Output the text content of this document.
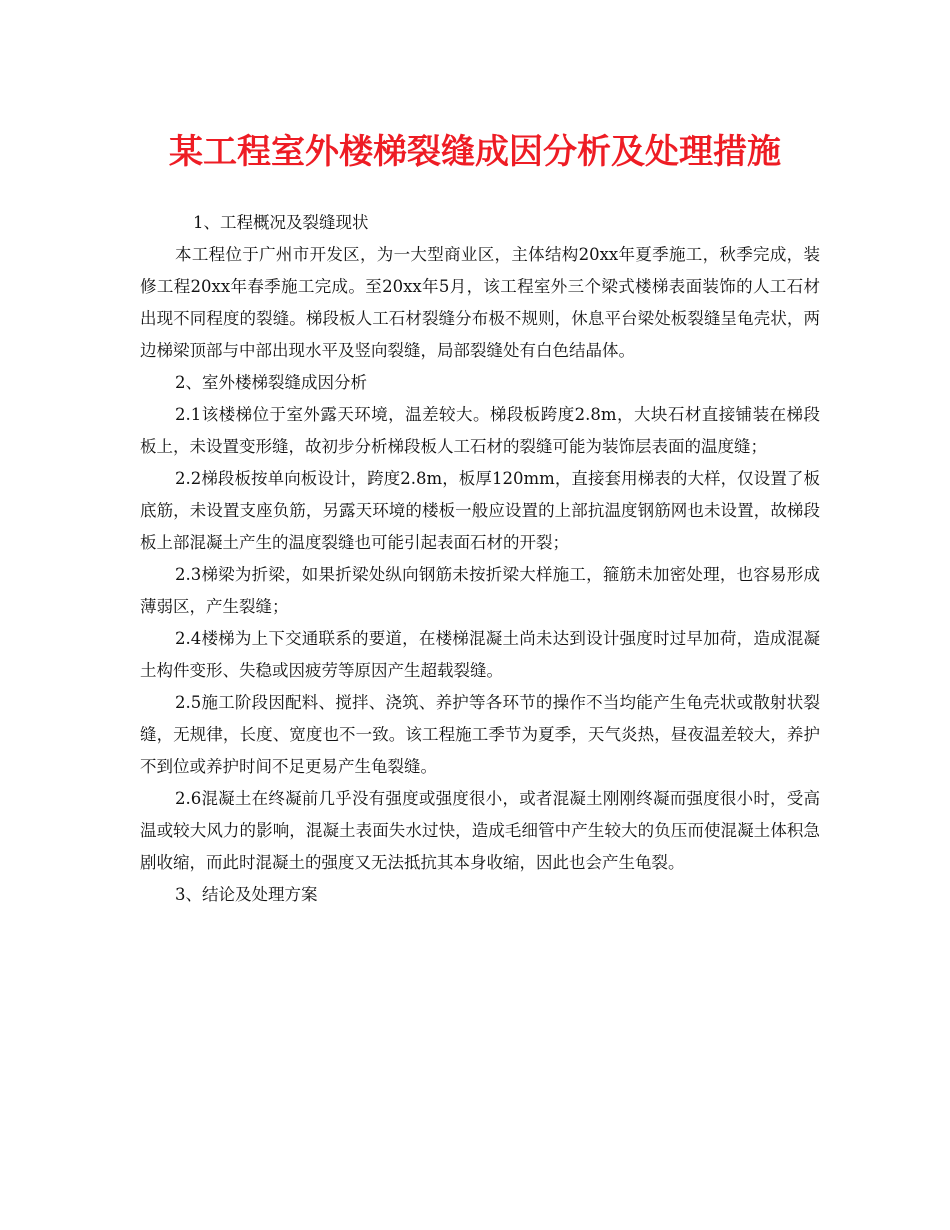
某工程室外楼梯裂缝成因分析及处理措施

1、工程概况及裂缝现状

本工程位于广州市开发区，为一大型商业区，主体结构20xx年夏季施工，秋季完成，装修工程20xx年春季施工完成。至20xx年5月，该工程室外三个梁式楼梯表面装饰的人工石材出现不同程度的裂缝。梯段板人工石材裂缝分布极不规则，休息平台梁处板裂缝呈龟壳状，两边梯梁顶部与中部出现水平及竖向裂缝，局部裂缝处有白色结晶体。

2、室外楼梯裂缝成因分析

2.1该楼梯位于室外露天环境，温差较大。梯段板跨度2.8m，大块石材直接铺装在梯段板上，未设置变形缝，故初步分析梯段板人工石材的裂缝可能为装饰层表面的温度缝；

2.2梯段板按单向板设计，跨度2.8m，板厚120mm，直接套用梯表的大样，仅设置了板底筋，未设置支座负筋，另露天环境的楼板一般应设置的上部抗温度钢筋网也未设置，故梯段板上部混凝土产生的温度裂缝也可能引起表面石材的开裂；

2.3梯梁为折梁，如果折梁处纵向钢筋未按折梁大样施工，箍筋未加密处理，也容易形成薄弱区，产生裂缝；

2.4楼梯为上下交通联系的要道，在楼梯混凝土尚未达到设计强度时过早加荷，造成混凝土构件变形、失稳或因疲劳等原因产生超载裂缝。

2.5施工阶段因配料、搅拌、浇筑、养护等各环节的操作不当均能产生龟壳状或散射状裂缝，无规律，长度、宽度也不一致。该工程施工季节为夏季，天气炎热，昼夜温差较大，养护不到位或养护时间不足更易产生龟裂缝。

2.6混凝土在终凝前几乎没有强度或强度很小，或者混凝土刚刚终凝而强度很小时，受高温或较大风力的影响，混凝土表面失水过快，造成毛细管中产生较大的负压而使混凝土体积急剧收缩，而此时混凝土的强度又无法抵抗其本身收缩，因此也会产生龟裂。

3、结论及处理方案
